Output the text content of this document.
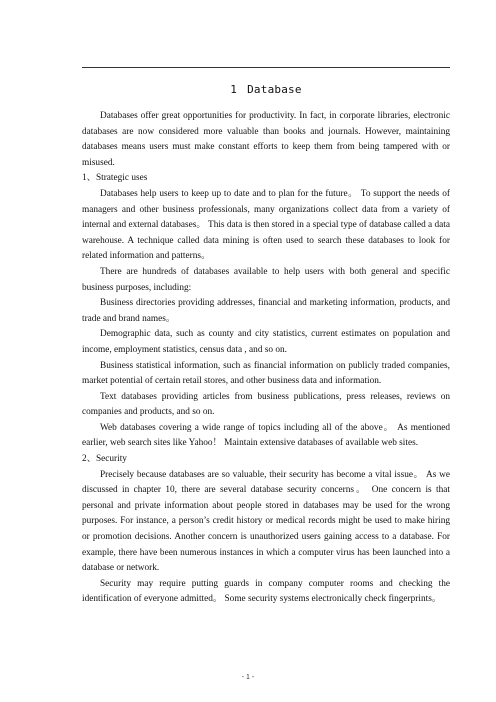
1 Database

Databases offer great opportunities for productivity. In fact, in corporate libraries, electronic databases are now considered more valuable than books and journals. However, maintaining databases means users must make constant efforts to keep them from being tampered with or misused.

1、Strategic uses

Databases help users to keep up to date and to plan for the future。 To support the needs of managers and other business professionals, many organizations collect data from a variety of internal and external databases。 This data is then stored in a special type of database called a data warehouse. A technique called data mining is often used to search these databases to look for related information and patterns。

There are hundreds of databases available to help users with both general and specific business purposes, including:

Business directories providing addresses, financial and marketing information, products, and trade and brand names。

Demographic data, such as county and city statistics, current estimates on population and income, employment statistics, census data , and so on.

Business statistical information, such as financial information on publicly traded companies, market potential of certain retail stores, and other business data and information.

Text databases providing articles from business publications, press releases, reviews on companies and products, and so on.

Web databases covering a wide range of topics including all of the above。 As mentioned earlier, web search sites like Yahoo！ Maintain extensive databases of available web sites.

2、Security

Precisely because databases are so valuable, their security has become a vital issue。 As we discussed in chapter 10, there are several database security concerns。 One concern is that personal and private information about people stored in databases may be used for the wrong purposes. For instance, a person’s credit history or medical records might be used to make hiring or promotion decisions. Another concern is unauthorized users gaining access to a database. For example, there have been numerous instances in which a computer virus has been launched into a database or network.

Security may require putting guards in company computer rooms and checking the identification of everyone admitted。 Some security systems electronically check fingerprints。

- 1 -
